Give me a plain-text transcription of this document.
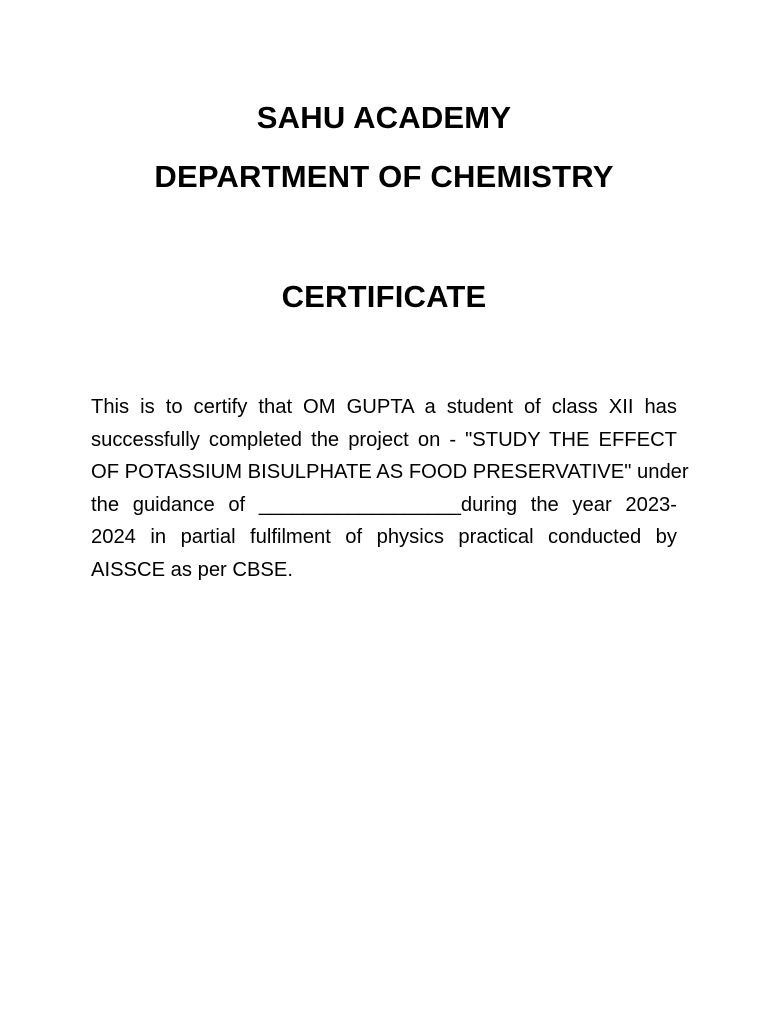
SAHU ACADEMY
DEPARTMENT OF CHEMISTRY
CERTIFICATE
This is to certify that OM GUPTA a student of class XII has
successfully completed the project on - "STUDY THE EFFECT
OF POTASSIUM BISULPHATE AS FOOD PRESERVATIVE" under
the guidance of __________________during the year 2023-
2024 in partial fulfilment of physics practical conducted by
AISSCE as per CBSE.
